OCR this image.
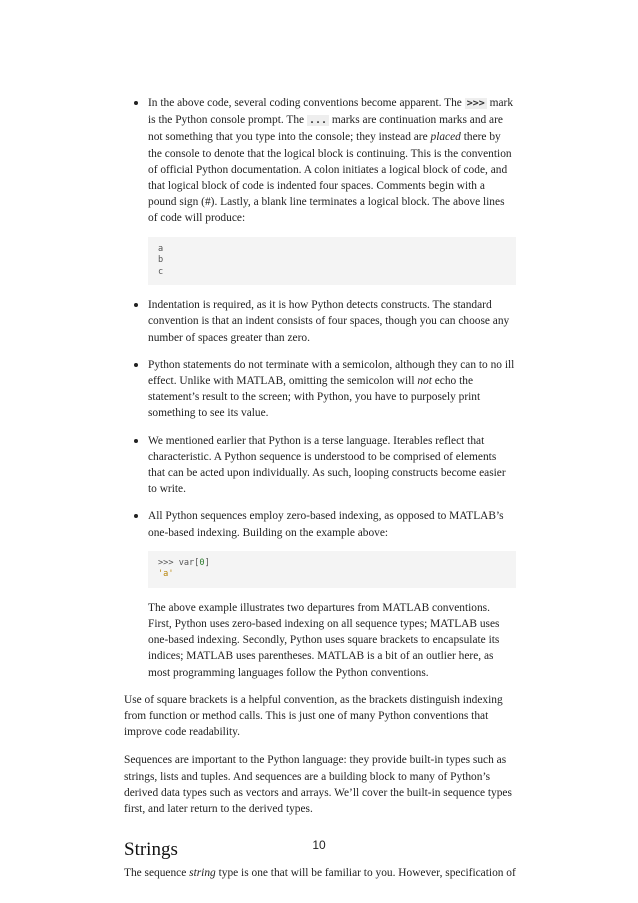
In the above code, several coding conventions become apparent. The >>> mark is the Python console prompt. The ... marks are continuation marks and are not something that you type into the console; they instead are placed there by the console to denote that the logical block is continuing. This is the convention of official Python documentation. A colon initiates a logical block of code, and that logical block of code is indented four spaces. Comments begin with a pound sign (#). Lastly, a blank line terminates a logical block. The above lines of code will produce:
a
b
c
Indentation is required, as it is how Python detects constructs. The standard convention is that an indent consists of four spaces, though you can choose any number of spaces greater than zero.
Python statements do not terminate with a semicolon, although they can to no ill effect. Unlike with MATLAB, omitting the semicolon will not echo the statement’s result to the screen; with Python, you have to purposely print something to see its value.
We mentioned earlier that Python is a terse language. Iterables reflect that characteristic. A Python sequence is understood to be comprised of elements that can be acted upon individually. As such, looping constructs become easier to write.
All Python sequences employ zero-based indexing, as opposed to MATLAB’s one-based indexing. Building on the example above:
>>> var[0]
'a'
The above example illustrates two departures from MATLAB conventions. First, Python uses zero-based indexing on all sequence types; MATLAB uses one-based indexing. Secondly, Python uses square brackets to encapsulate its indices; MATLAB uses parentheses. MATLAB is a bit of an outlier here, as most programming languages follow the Python conventions.

Use of square brackets is a helpful convention, as the brackets distinguish indexing from function or method calls. This is just one of many Python conventions that improve code readability.

Sequences are important to the Python language: they provide built-in types such as strings, lists and tuples. And sequences are a building block to many of Python’s derived data types such as vectors and arrays. We’ll cover the built-in sequence types first, and later return to the derived types.

Strings

The sequence string type is one that will be familiar to you. However, specification of

10
